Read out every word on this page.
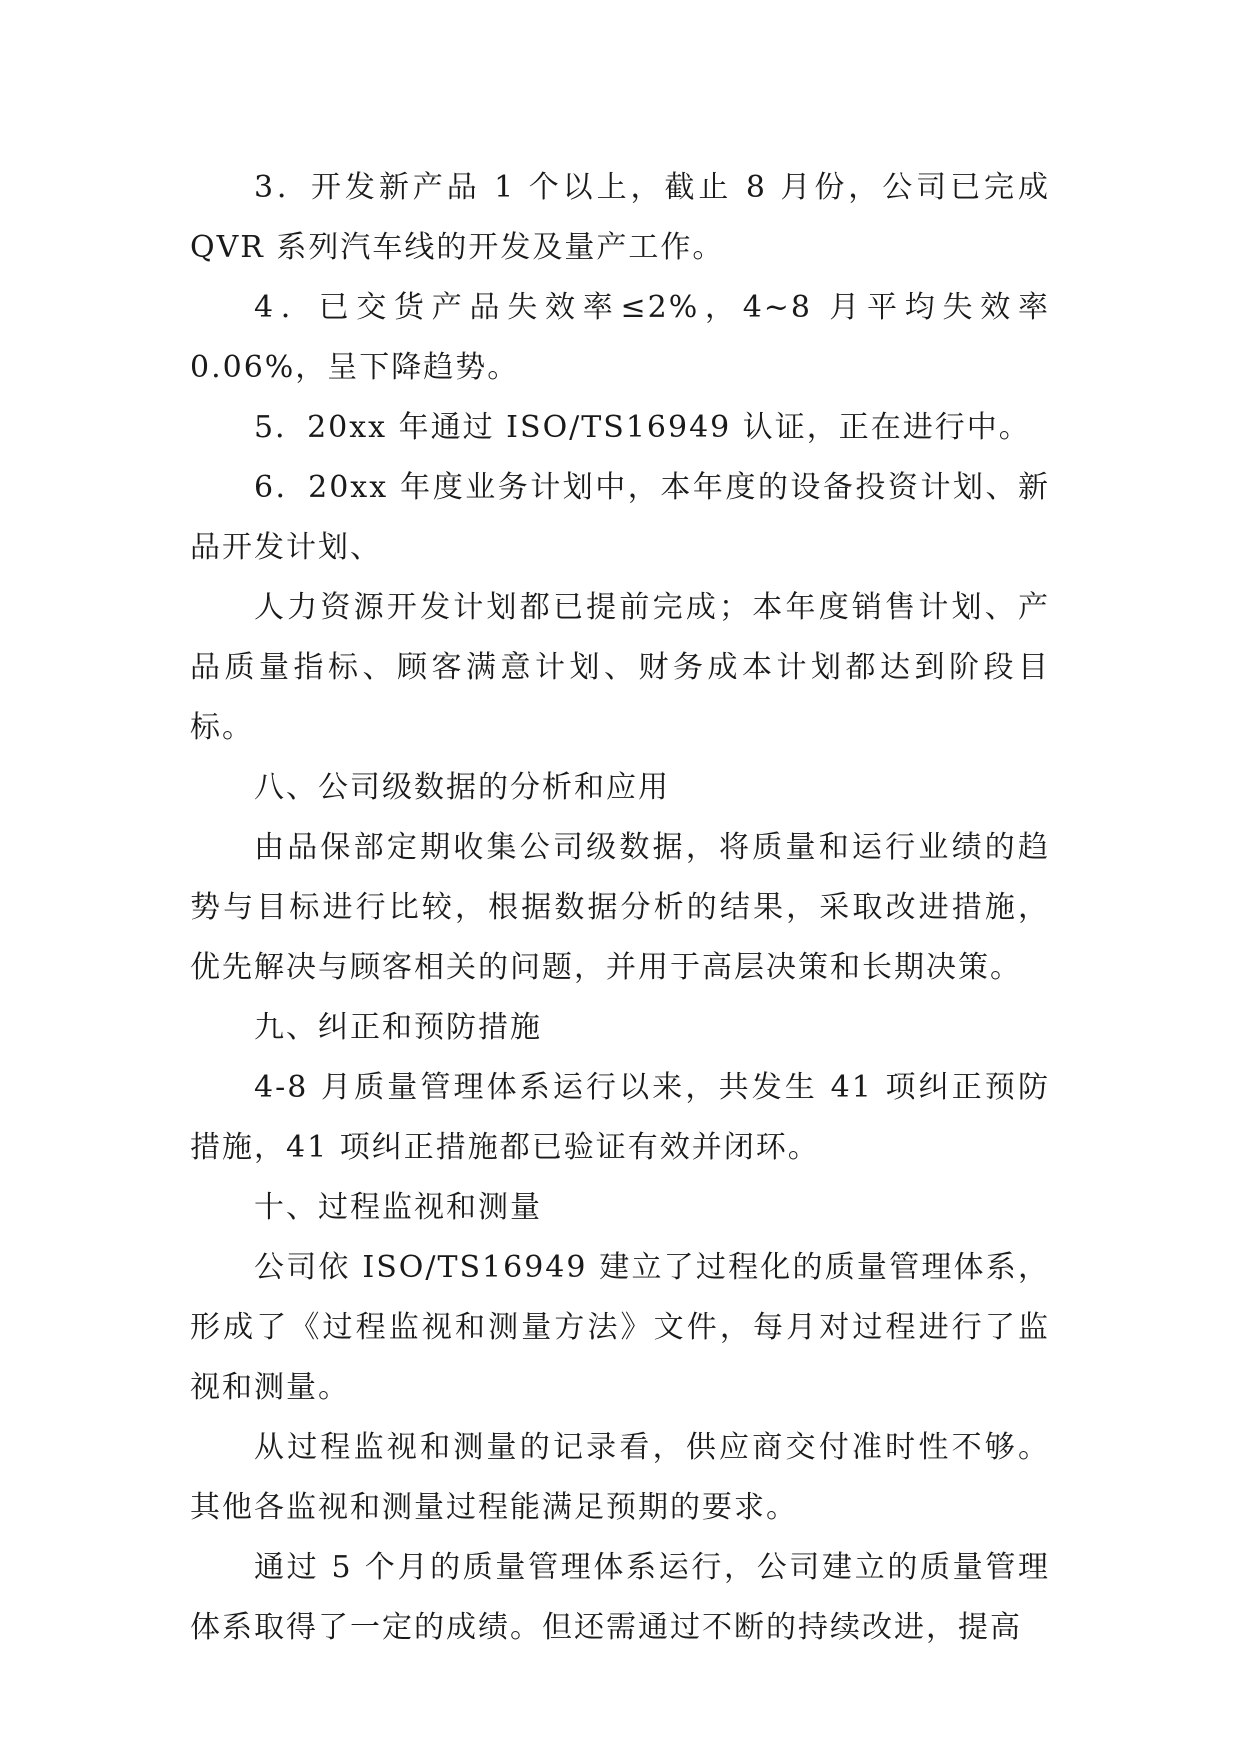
3．开发新产品 1 个以上，截止 8 月份，公司已完成 QVR 系列汽车线的开发及量产工作。

4．已交货产品失效率≤2%，4~8 月平均失效率 0.06%，呈下降趋势。

5．20xx 年通过 ISO/TS16949 认证，正在进行中。

6．20xx 年度业务计划中，本年度的设备投资计划、新品开发计划、

人力资源开发计划都已提前完成；本年度销售计划、产品质量指标、顾客满意计划、财务成本计划都达到阶段目标。

八、公司级数据的分析和应用

由品保部定期收集公司级数据，将质量和运行业绩的趋势与目标进行比较，根据数据分析的结果，采取改进措施，优先解决与顾客相关的问题，并用于高层决策和长期决策。

九、纠正和预防措施

4-8 月质量管理体系运行以来，共发生 41 项纠正预防措施，41 项纠正措施都已验证有效并闭环。

十、过程监视和测量

公司依 ISO/TS16949 建立了过程化的质量管理体系，形成了《过程监视和测量方法》文件，每月对过程进行了监视和测量。

从过程监视和测量的记录看，供应商交付准时性不够。其他各监视和测量过程能满足预期的要求。

通过 5 个月的质量管理体系运行，公司建立的质量管理体系取得了一定的成绩。但还需通过不断的持续改进，提高
